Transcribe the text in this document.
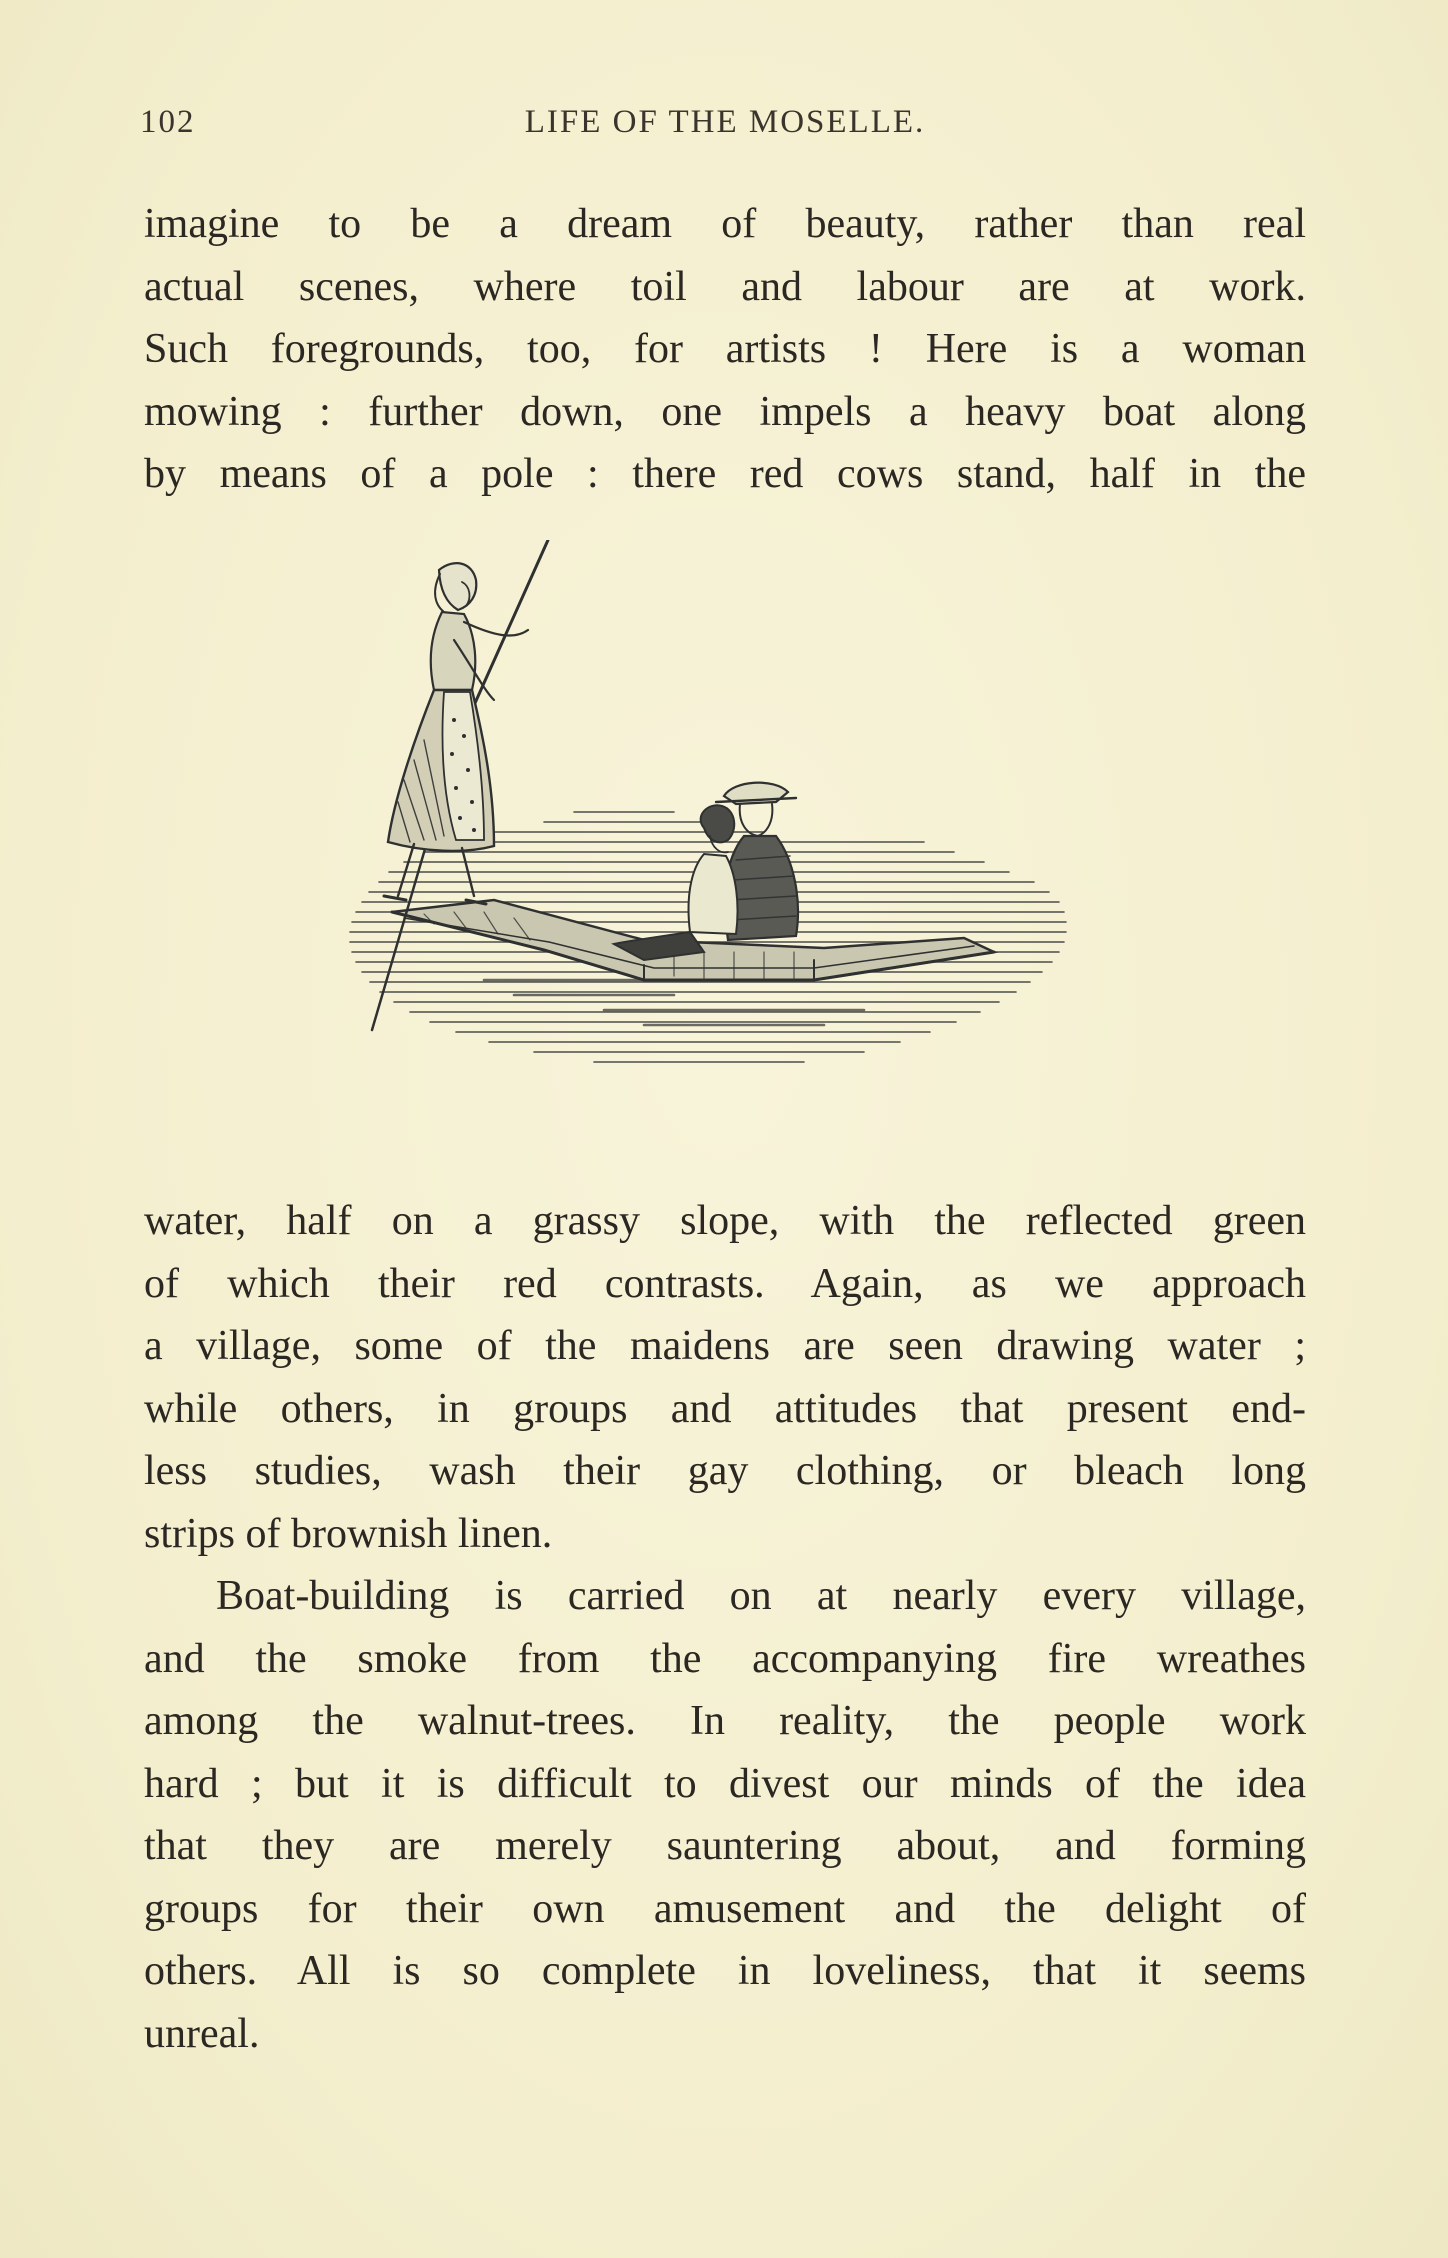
102	LIFE OF THE MOSELLE.
imagine to be a dream of beauty, rather than real
actual scenes, where toil and labour are at work.
Such foregrounds, too, for artists ! Here is a woman
mowing : further down, one impels a heavy boat along
by means of a pole : there red cows stand, half in the
water, half on a grassy slope, with the reflected green
of which their red contrasts. Again, as we approach
a village, some of the maidens are seen drawing water ;
while others, in groups and attitudes that present end-
less studies, wash their gay clothing, or bleach long
strips of brownish linen.
Boat-building is carried on at nearly every village,
and the smoke from the accompanying fire wreathes
among the walnut-trees. In reality, the people work
hard ; but it is difficult to divest our minds of the idea
that they are merely sauntering about, and forming
groups for their own amusement and the delight of
others. All is so complete in loveliness, that it seems
unreal.
